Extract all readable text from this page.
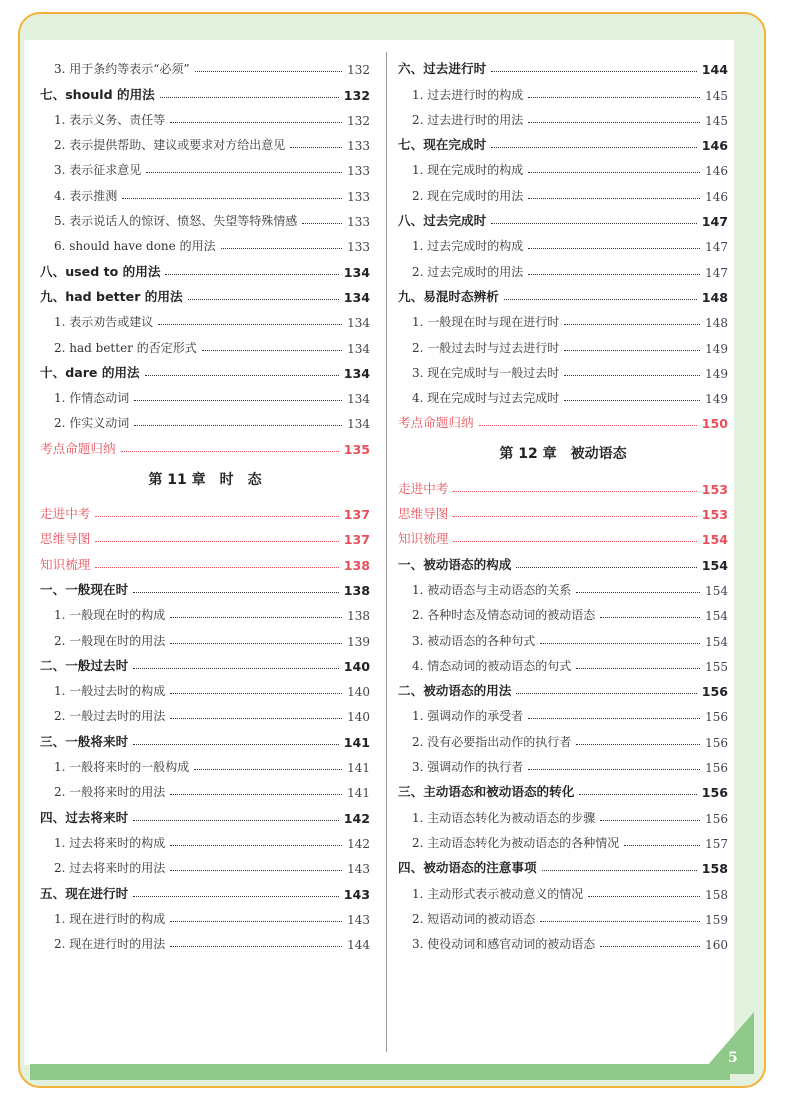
3. 用于条约等表示“必须”	132
七、should 的用法	132
1. 表示义务、责任等	132
2. 表示提供帮助、建议或要求对方给出意见	133
3. 表示征求意见	133
4. 表示推测	133
5. 表示说话人的惊讶、愤怒、失望等特殊情感	133
6. should have done 的用法	133
八、used to 的用法	134
九、had better 的用法	134
1. 表示劝告或建议	134
2. had better 的否定形式	134
十、dare 的用法	134
1. 作情态动词	134
2. 作实义动词	134
考点命题归纳	135
第 11 章　时　态
走进中考	137
思维导图	137
知识梳理	138
一、一般现在时	138
1. 一般现在时的构成	138
2. 一般现在时的用法	139
二、一般过去时	140
1. 一般过去时的构成	140
2. 一般过去时的用法	140
三、一般将来时	141
1. 一般将来时的一般构成	141
2. 一般将来时的用法	141
四、过去将来时	142
1. 过去将来时的构成	142
2. 过去将来时的用法	143
五、现在进行时	143
1. 现在进行时的构成	143
2. 现在进行时的用法	144
六、过去进行时	144
1. 过去进行时的构成	145
2. 过去进行时的用法	145
七、现在完成时	146
1. 现在完成时的构成	146
2. 现在完成时的用法	146
八、过去完成时	147
1. 过去完成时的构成	147
2. 过去完成时的用法	147
九、易混时态辨析	148
1. 一般现在时与现在进行时	148
2. 一般过去时与过去进行时	149
3. 现在完成时与一般过去时	149
4. 现在完成时与过去完成时	149
考点命题归纳	150
第 12 章　被动语态
走进中考	153
思维导图	153
知识梳理	154
一、被动语态的构成	154
1. 被动语态与主动语态的关系	154
2. 各种时态及情态动词的被动语态	154
3. 被动语态的各种句式	154
4. 情态动词的被动语态的句式	155
二、被动语态的用法	156
1. 强调动作的承受者	156
2. 没有必要指出动作的执行者	156
3. 强调动作的执行者	156
三、主动语态和被动语态的转化	156
1. 主动语态转化为被动语态的步骤	156
2. 主动语态转化为被动语态的各种情况	157
四、被动语态的注意事项	158
1. 主动形式表示被动意义的情况	158
2. 短语动词的被动语态	159
3. 使役动词和感官动词的被动语态	160
5
